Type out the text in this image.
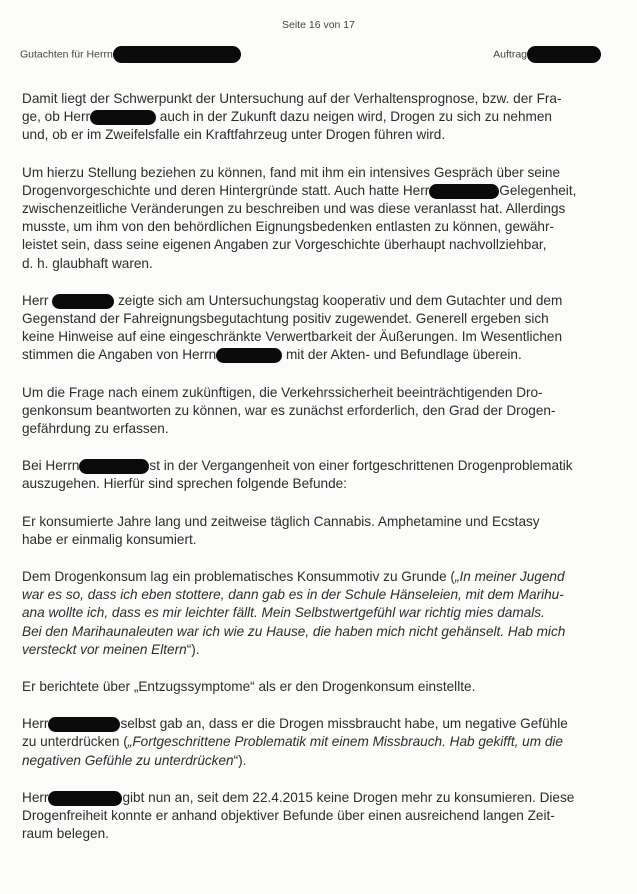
Seite 16 von 17
Gutachten für Herrn	Auftrag
Damit liegt der Schwerpunkt der Untersuchung auf der Verhaltensprognose, bzw. der Fra-
ge, ob Herr	auch in der Zukunft dazu neigen wird, Drogen zu sich zu nehmen
und, ob er im Zweifelsfalle ein Kraftfahrzeug unter Drogen führen wird.
Um hierzu Stellung beziehen zu können, fand mit ihm ein intensives Gespräch über seine
Drogenvorgeschichte und deren Hintergründe statt. Auch hatte Herr	Gelegenheit,
zwischenzeitliche Veränderungen zu beschreiben und was diese veranlasst hat. Allerdings
musste, um ihm von den behördlichen Eignungsbedenken entlasten zu können, gewähr-
leistet sein, dass seine eigenen Angaben zur Vorgeschichte überhaupt nachvollziehbar,
d. h. glaubhaft waren.
Herr	zeigte sich am Untersuchungstag kooperativ und dem Gutachter und dem
Gegenstand der Fahreignungsbegutachtung positiv zugewendet. Generell ergeben sich
keine Hinweise auf eine eingeschränkte Verwertbarkeit der Äußerungen. Im Wesentlichen
stimmen die Angaben von Herrn	mit der Akten- und Befundlage überein.
Um die Frage nach einem zukünftigen, die Verkehrssicherheit beeinträchtigenden Dro-
genkonsum beantworten zu können, war es zunächst erforderlich, den Grad der Drogen-
gefährdung zu erfassen.
Bei Herrn	st in der Vergangenheit von einer fortgeschrittenen Drogenproblematik
auszugehen. Hierfür sind sprechen folgende Befunde:
Er konsumierte Jahre lang und zeitweise täglich Cannabis. Amphetamine und Ecstasy
habe er einmalig konsumiert.
Dem Drogenkonsum lag ein problematisches Konsummotiv zu Grunde („In meiner Jugend
war es so, dass ich eben stottere, dann gab es in der Schule Hänseleien, mit dem Marihu-
ana wollte ich, dass es mir leichter fällt. Mein Selbstwertgefühl war richtig mies damals.
Bei den Marihaunaleuten war ich wie zu Hause, die haben mich nicht gehänselt. Hab mich
versteckt vor meinen Eltern“).
Er berichtete über „Entzugssymptome“ als er den Drogenkonsum einstellte.
Herr	selbst gab an, dass er die Drogen missbraucht habe, um negative Gefühle
zu unterdrücken („Fortgeschrittene Problematik mit einem Missbrauch. Hab gekifft, um die
negativen Gefühle zu unterdrücken“).
Herr	gibt nun an, seit dem 22.4.2015 keine Drogen mehr zu konsumieren. Diese
Drogenfreiheit konnte er anhand objektiver Befunde über einen ausreichend langen Zeit-
raum belegen.
